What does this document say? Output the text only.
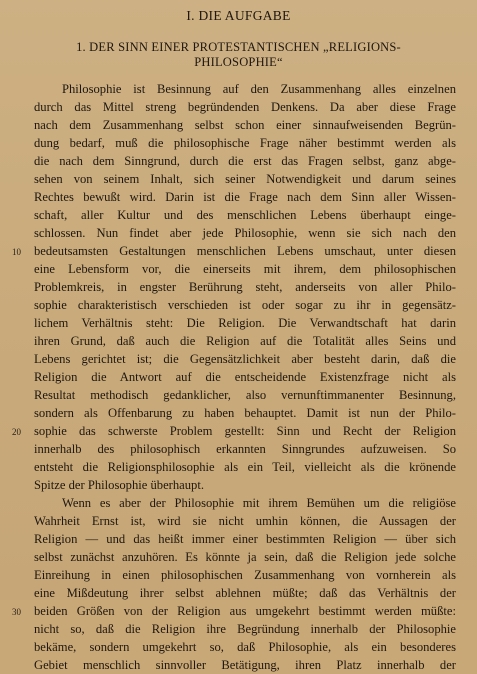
I. DIE AUFGABE
1. DER SINN EINER PROTESTANTISCHEN „RELIGIONS-
PHILOSOPHIE“
Philosophie ist Besinnung auf den Zusammenhang alles einzelnen
durch das Mittel streng begründenden Denkens. Da aber diese Frage
nach dem Zusammenhang selbst schon einer sinnaufweisenden Begrün-
dung bedarf, muß die philosophische Frage näher bestimmt werden als
die nach dem Sinngrund, durch die erst das Fragen selbst, ganz abge-
sehen von seinem Inhalt, sich seiner Notwendigkeit und darum seines
Rechtes bewußt wird. Darin ist die Frage nach dem Sinn aller Wissen-
schaft, aller Kultur und des menschlichen Lebens überhaupt einge-
schlossen. Nun findet aber jede Philosophie, wenn sie sich nach den
10	bedeutsamsten Gestaltungen menschlichen Lebens umschaut, unter diesen
eine Lebensform vor, die einerseits mit ihrem, dem philosophischen
Problemkreis, in engster Berührung steht, anderseits von aller Philo-
sophie charakteristisch verschieden ist oder sogar zu ihr in gegensätz-
lichem Verhältnis steht: Die Religion. Die Verwandtschaft hat darin
ihren Grund, daß auch die Religion auf die Totalität alles Seins und
Lebens gerichtet ist; die Gegensätzlichkeit aber besteht darin, daß die
Religion die Antwort auf die entscheidende Existenzfrage nicht als
Resultat methodisch gedanklicher, also vernunftimmanenter Besinnung,
sondern als Offenbarung zu haben behauptet. Damit ist nun der Philo-
20	sophie das schwerste Problem gestellt: Sinn und Recht der Religion
innerhalb des philosophisch erkannten Sinngrundes aufzuweisen. So
entsteht die Religionsphilosophie als ein Teil, vielleicht als die krönende
Spitze der Philosophie überhaupt.
Wenn es aber der Philosophie mit ihrem Bemühen um die religiöse
Wahrheit Ernst ist, wird sie nicht umhin können, die Aussagen der
Religion — und das heißt immer einer bestimmten Religion — über sich
selbst zunächst anzuhören. Es könnte ja sein, daß die Religion jede solche
Einreihung in einen philosophischen Zusammenhang von vornherein als
eine Mißdeutung ihrer selbst ablehnen müßte; daß das Verhältnis der
30	beiden Größen von der Religion aus umgekehrt bestimmt werden müßte:
nicht so, daß die Religion ihre Begründung innerhalb der Philosophie
bekäme, sondern umgekehrt so, daß Philosophie, als ein besonderes
Gebiet menschlich sinnvoller Betätigung, ihren Platz innerhalb der
